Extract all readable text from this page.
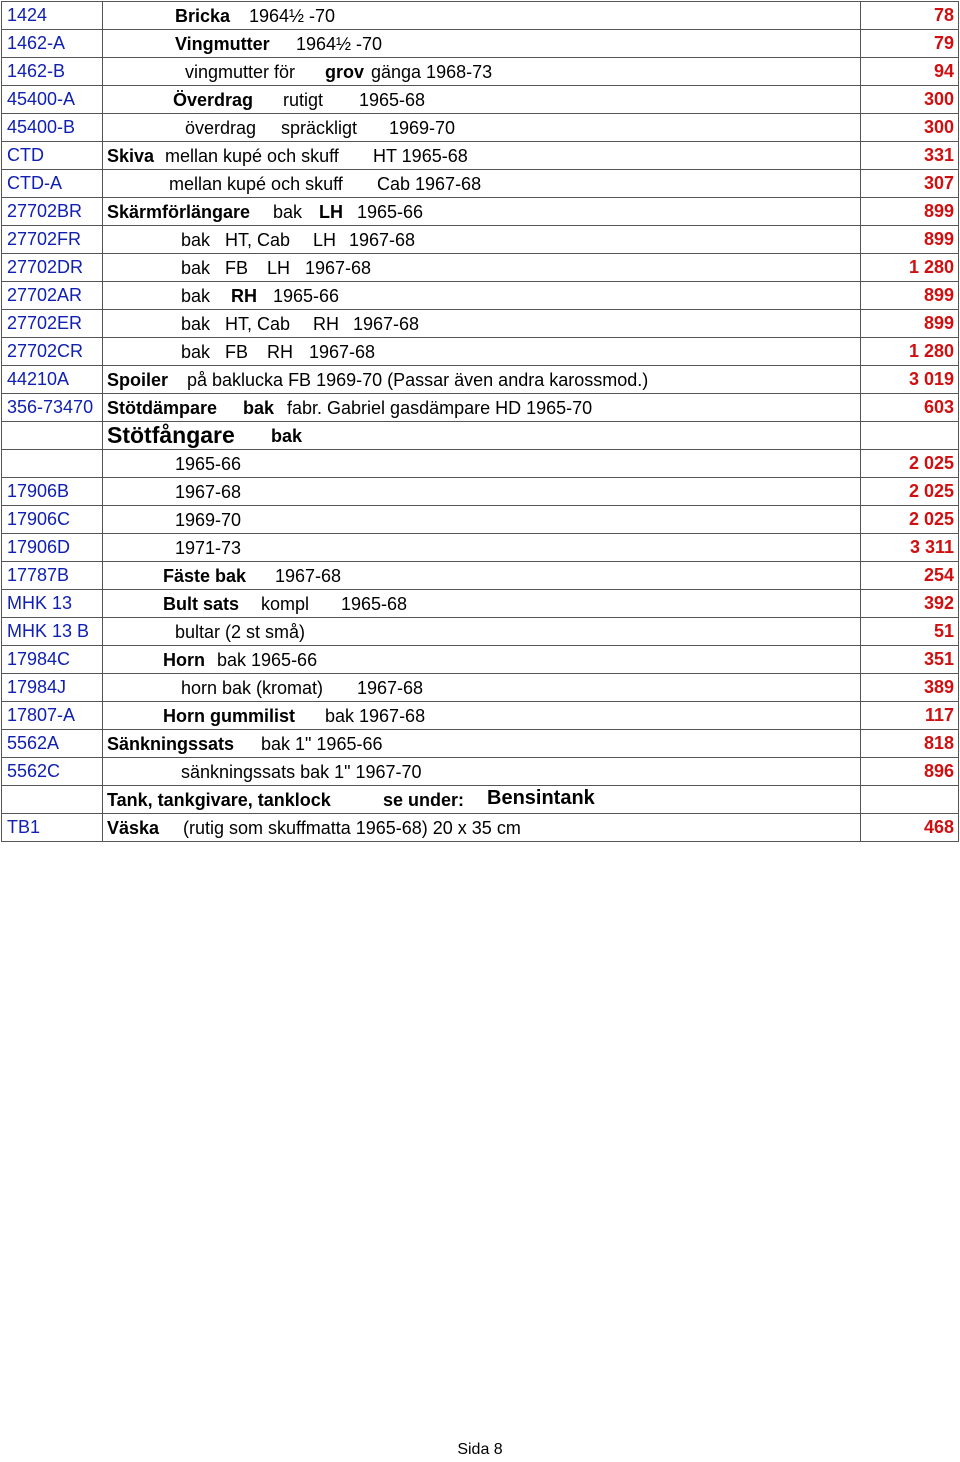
1424	Bricka 1964½ -70	78
1462-A	Vingmutter 1964½ -70	79
1462-B	vingmutter för grov gänga 1968-73	94
45400-A	Överdrag rutigt 1965-68	300
45400-B	överdrag spräckligt 1969-70	300
CTD	Skiva mellan kupé och skuff HT 1965-68	331
CTD-A	mellan kupé och skuff Cab 1967-68	307
27702BR	Skärmförlängare bak LH 1965-66	899
27702FR	bak HT, Cab LH 1967-68	899
27702DR	bak FB LH 1967-68	1 280
27702AR	bak RH 1965-66	899
27702ER	bak HT, Cab RH 1967-68	899
27702CR	bak FB RH 1967-68	1 280
44210A	Spoiler på baklucka FB 1969-70 (Passar även andra karossmod.)	3 019
356-73470	Stötdämpare bak fabr. Gabriel gasdämpare HD 1965-70	603

	Stötfångare bak	

	1965-66	2 025
17906B	1967-68	2 025
17906C	1969-70	2 025
17906D	1971-73	3 311
17787B	Fäste bak 1967-68	254
MHK 13	Bult sats kompl 1965-68	392
MHK 13 B	bultar (2 st små)	51
17984C	Horn bak 1965-66	351
17984J	horn bak (kromat) 1967-68	389
17807-A	Horn gummilist bak 1967-68	117
5562A	Sänkningssats bak 1" 1965-66	818
5562C	sänkningssats bak 1" 1967-70	896

	Tank, tankgivare, tanklock se under: Bensintank	

TB1	Väska (rutig som skuffmatta 1965-68) 20 x 35 cm	468
Sida 8
